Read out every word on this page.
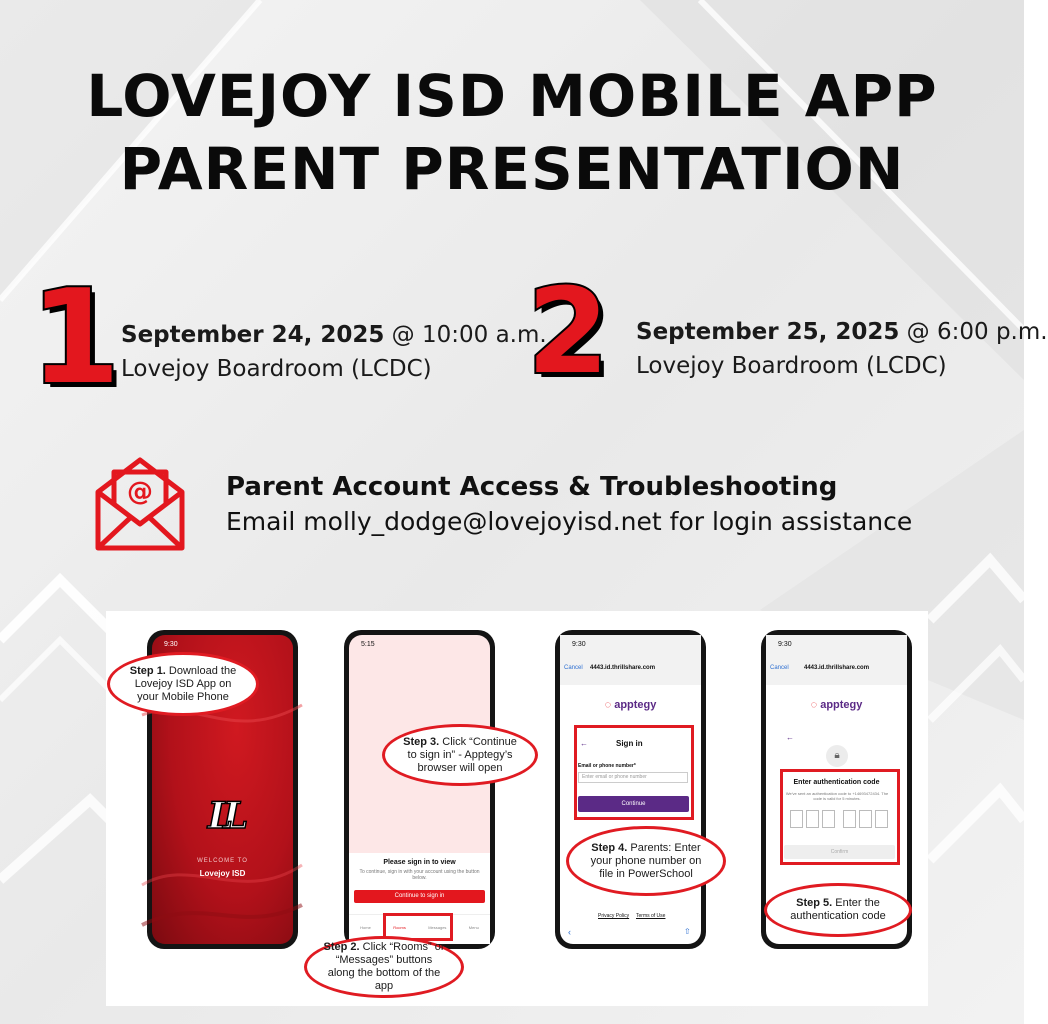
LOVEJOY ISD MOBILE APP
PARENT PRESENTATION
1 September 24, 2025 @ 10:00 a.m.
Lovejoy Boardroom (LCDC) 2 September 25, 2025 @ 6:00 p.m.
Lovejoy Boardroom (LCDC)
@	Parent Account Access & Troubleshooting
Email molly_dodge@lovejoyisd.net for login assistance
9:30
LL
WELCOME TO
Lovejoy ISD
5:15
Please sign in to view
To continue, sign in with your account using the button below.
Continue to sign in
Home	Rooms	Messages	Menu
9:30
Cancel 4443.id.thrillshare.com
◌ apptegy
Sign in
←
Email or phone number*
Enter email or phone number
Continue
Privacy Policy Terms of Use
‹	⇧
9:30
Cancel	4443.id.thrillshare.com
◌ apptegy
←
🔒︎
Enter authentication code
We've sent an authentication code to +14693472434. The code is valid for 5 minutes.
Confirm
Step 1. Download the Lovejoy ISD App on your Mobile Phone
Step 3. Click “Continue to sign in” - Apptegy’s browser will open
Step 2. Click “Rooms” or “Messages” buttons along the bottom of the app
Step 4. Parents: Enter your phone number on file in PowerSchool
Step 5. Enter the authentication code
